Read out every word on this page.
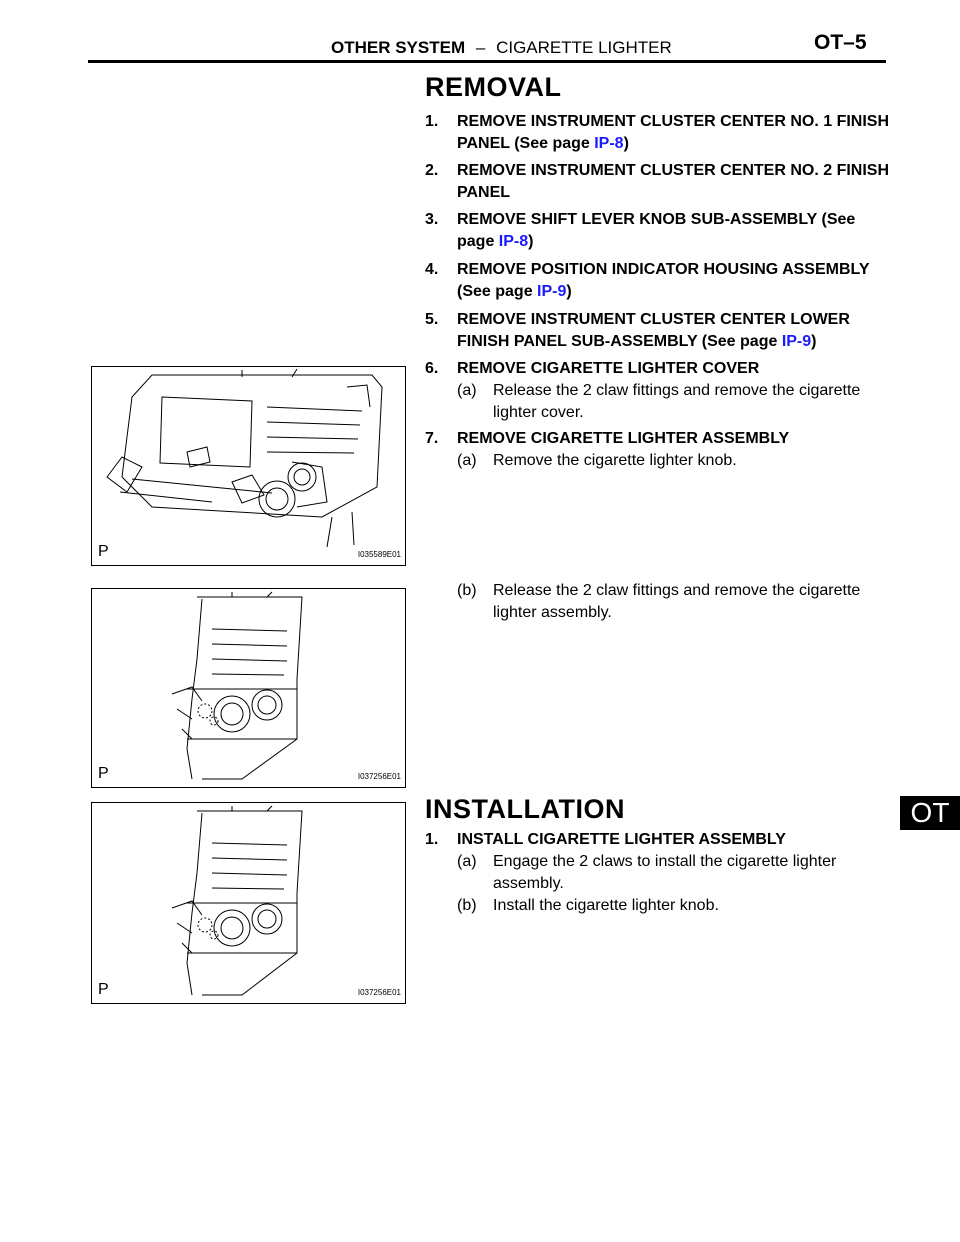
OTHER SYSTEM – CIGARETTE LIGHTER	OT–5
OT
REMOVAL
1. REMOVE INSTRUMENT CLUSTER CENTER NO. 1 FINISH PANEL (See page IP-8)
2. REMOVE INSTRUMENT CLUSTER CENTER NO. 2 FINISH PANEL
3. REMOVE SHIFT LEVER KNOB SUB-ASSEMBLY (See page IP-8)
4. REMOVE POSITION INDICATOR HOUSING ASSEMBLY (See page IP-9)
5. REMOVE INSTRUMENT CLUSTER CENTER LOWER FINISH PANEL SUB-ASSEMBLY (See page IP-9)
6. REMOVE CIGARETTE LIGHTER COVER
(a) Release the 2 claw fittings and remove the cigarette lighter cover.
7. REMOVE CIGARETTE LIGHTER ASSEMBLY
(a) Remove the cigarette lighter knob.
(b) Release the 2 claw fittings and remove the cigarette lighter assembly.
INSTALLATION
1. INSTALL CIGARETTE LIGHTER ASSEMBLY
(a) Engage the 2 claws to install the cigarette lighter assembly.
(b) Install the cigarette lighter knob.
P	I035589E01
P	I037256E01
P	I037256E01
